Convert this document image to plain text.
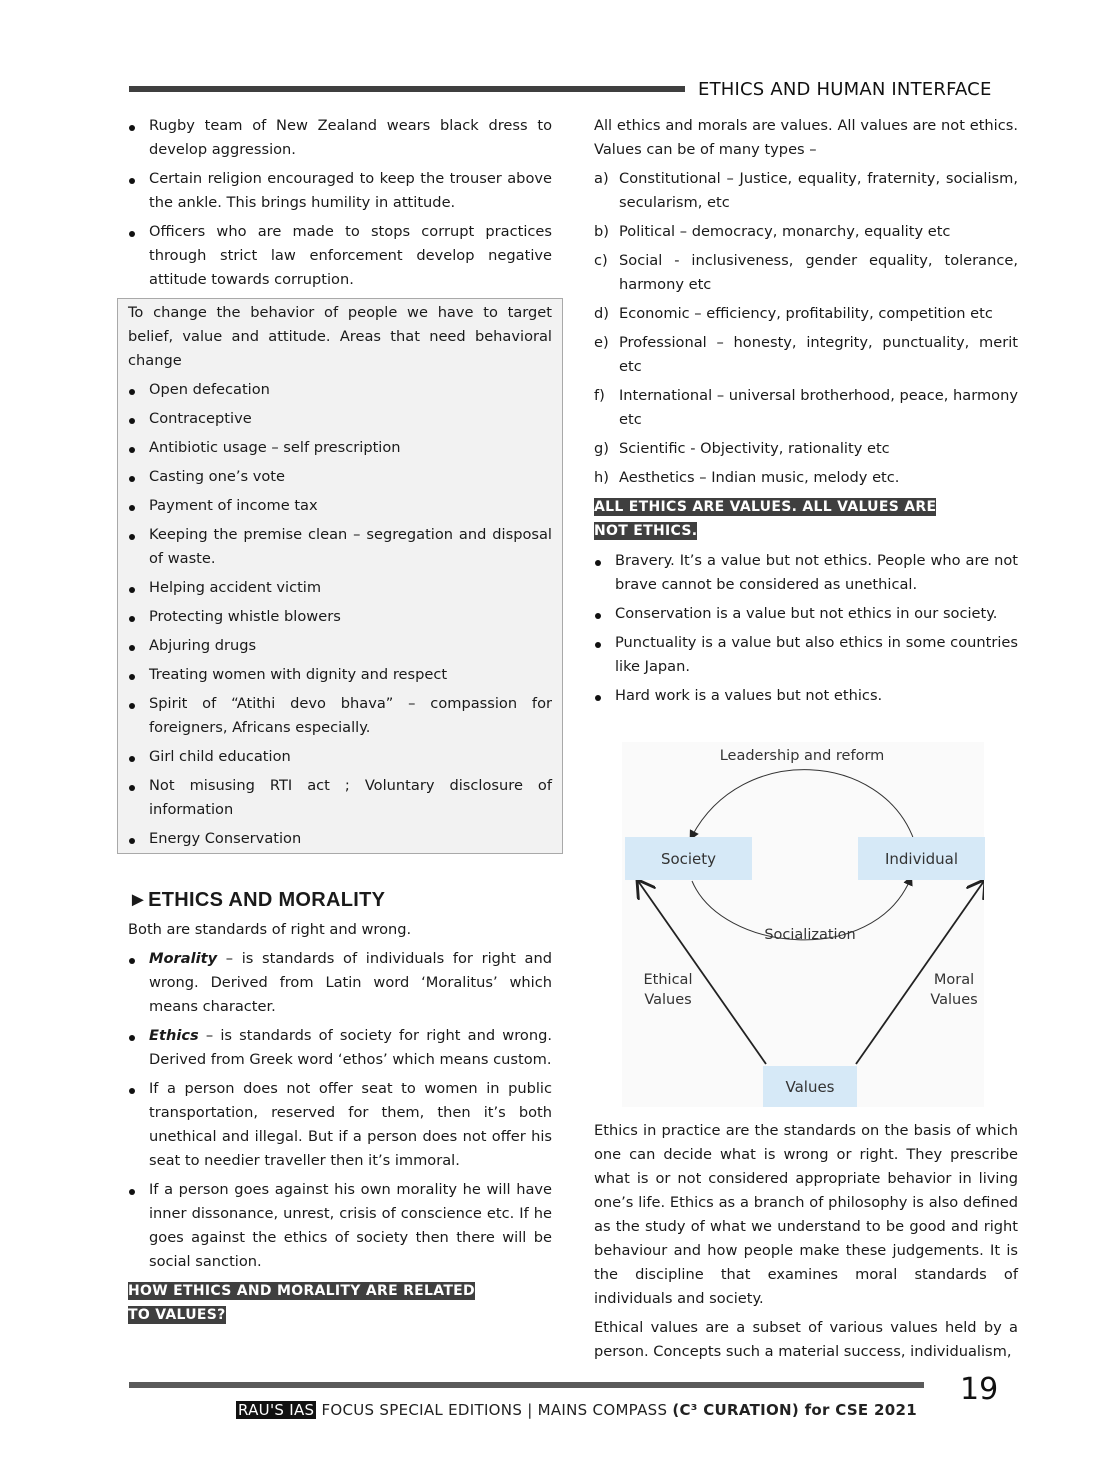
ETHICS AND HUMAN INTERFACE
Rugby team of New Zealand wears black dress to develop aggression.
Certain religion encouraged to keep the trouser above the ankle. This brings humility in attitude.
Officers who are made to stops corrupt practices through strict law enforcement develop negative attitude towards corruption.
To change the behavior of people we have to target belief, value and attitude. Areas that need behavioral change
Open defecation
Contraceptive
Antibiotic usage – self prescription
Casting one’s vote
Payment of income tax
Keeping the premise clean – segregation and disposal of waste.
Helping accident victim
Protecting whistle blowers
Abjuring drugs
Treating women with dignity and respect
Spirit of “Atithi devo bhava” – compassion for foreigners, Africans especially.
Girl child education
Not misusing RTI act ; Voluntary disclosure of information
Energy Conservation
►ETHICS AND MORALITY
Both are standards of right and wrong.
Morality – is standards of individuals for right and wrong. Derived from Latin word ‘Moralitus’ which means character.
Ethics – is standards of society for right and wrong. Derived from Greek word ‘ethos’ which means custom.
If a person does not offer seat to women in public transportation, reserved for them, then it’s both unethical and illegal. But if a person does not offer his seat to needier traveller then it’s immoral.
If a person goes against his own morality he will have inner dissonance, unrest, crisis of conscience etc. If he goes against the ethics of society then there will be social sanction.
HOW ETHICS AND MORALITY ARE RELATED TO VALUES?
All ethics and morals are values. All values are not ethics. Values can be of many types –
a) Constitutional – Justice, equality, fraternity, socialism, secularism, etc
b) Political – democracy, monarchy, equality etc
c) Social - inclusiveness, gender equality, tolerance, harmony etc
d) Economic – efficiency, profitability, competition etc
e) Professional – honesty, integrity, punctuality, merit etc
f) International – universal brotherhood, peace, harmony etc
g) Scientific - Objectivity, rationality etc
h) Aesthetics – Indian music, melody etc.
ALL ETHICS ARE VALUES. ALL VALUES ARE NOT ETHICS.
Bravery. It’s a value but not ethics. People who are not brave cannot be considered as unethical.
Conservation is a value but not ethics in our society.
Punctuality is a value but also ethics in some countries like Japan.
Hard work is a values but not ethics.
Leadership and reform
Society	Individual
Socialization
Ethical
Values
Moral
Values
Values
Ethics in practice are the standards on the basis of which one can decide what is wrong or right. They prescribe what is or not considered appropriate behavior in living one’s life. Ethics as a branch of philosophy is also defined as the study of what we understand to be good and right behaviour and how people make these judgements. It is the discipline that examines moral standards of individuals and society.
Ethical values are a subset of various values held by a person. Concepts such a material success, individualism,
19
RAU'S IAS FOCUS SPECIAL EDITIONS | MAINS COMPASS (C³ CURATION) for CSE 2021
